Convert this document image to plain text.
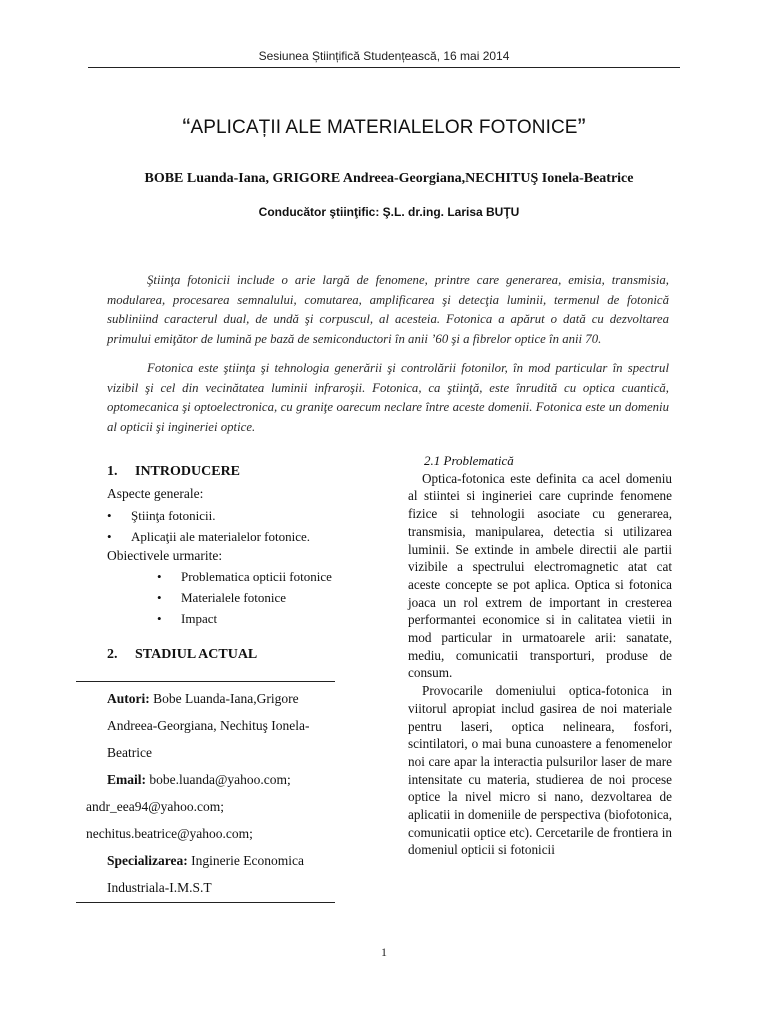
Sesiunea Științifică Studențească, 16 mai 2014
“APLICAȚII ALE MATERIALELOR FOTONICE”
BOBE Luanda-Iana, GRIGORE Andreea-Georgiana,NECHITUŞ Ionela-Beatrice
Conducător ştiinţific: Ş.L. dr.ing. Larisa BUŢU

Ştiinţa fotonicii include o arie largă de fenomene, printre care generarea, emisia, transmisia, modularea, procesarea semnalului, comutarea, amplificarea şi detecţia luminii, termenul de fotonică subliniind caracterul dual, de undă şi corpuscul, al acesteia. Fotonica a apărut o dată cu dezvoltarea primului emiţător de lumină pe bază de semiconductori în anii ’60 şi a fibrelor optice în anii 70.

Fotonica este ştiinţa şi tehnologia generării şi controlării fotonilor, în mod particular în spectrul vizibil şi cel din vecinătatea luminii infraroşii. Fotonica, ca ştiinţă, este înrudită cu optica cuantică, optomecanica şi optoelectronica, cu graniţe oarecum neclare între aceste domenii. Fotonica este un domeniu al opticii şi ingineriei optice.

1. INTRODUCERE
Aspecte generale:
•	Ştiinţa fotonicii.
•	Aplicaţii ale materialelor fotonice.
Obiectivele urmarite:
•	Problematica opticii fotonice
•	Materialele fotonice
•	Impact
2. STADIUL ACTUAL
Autori: Bobe Luanda-Iana,Grigore Andreea-Georgiana, Nechituş Ionela-Beatrice
Email: bobe.luanda@yahoo.com;
andr_eea94@yahoo.com;
nechitus.beatrice@yahoo.com;
Specializarea: Inginerie Economica Industriala-I.M.S.T
2.1 Problematică

Optica-fotonica este definita ca acel domeniu al stiintei si ingineriei care cuprinde fenomene fizice si tehnologii asociate cu generarea, transmisia, manipularea, detectia si utilizarea luminii. Se extinde in ambele directii ale partii vizibile a spectrului electromagnetic atat cat aceste concepte se pot aplica. Optica si fotonica joaca un rol extrem de important in cresterea performantei economice si in calitatea vietii in mod particular in urmatoarele arii: sanatate, mediu, comunicatii transporturi, produse de consum.

Provocarile domeniului optica-fotonica in viitorul apropiat includ gasirea de noi materiale pentru laseri, optica nelineara, fosfori, scintilatori, o mai buna cunoastere a fenomenelor noi care apar la interactia pulsurilor laser de mare intensitate cu materia, studierea de noi procese optice la nivel micro si nano, dezvoltarea de aplicatii in domeniile de perspectiva (biofotonica, comunicatii optice etc). Cercetarile de frontiera in domeniul opticii si fotonicii

1
